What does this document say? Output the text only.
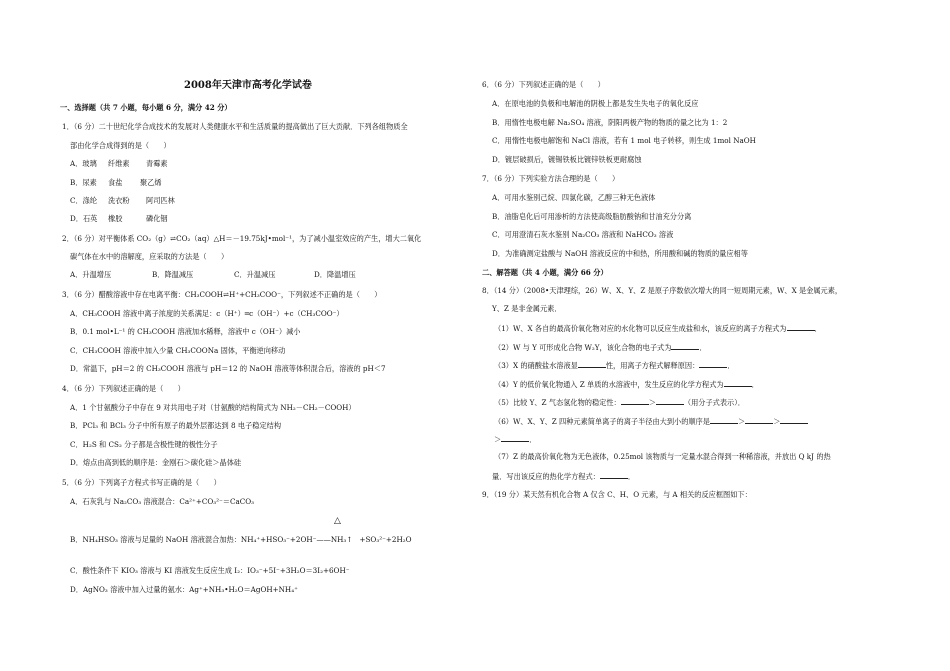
2008年天津市高考化学试卷
一、选择题（共 7 小题，每小题 6 分，满分 42 分）
1．（6 分）二十世纪化学合成技术的发展对人类健康水平和生活质量的提高做出了巨大贡献．下列各组物质全
部由化学合成得到的是（　　）
A．玻璃 纤维素 青霉素
B．尿素 食盐 聚乙烯
C．涤纶 洗衣粉 阿司匹林
D．石英 橡胶	磷化铟
2．（6 分）对平衡体系 CO₂（g）⇌CO₂（aq）△H＝－19.75kJ•mol⁻¹，为了减小温室效应的产生，增大二氧化
碳气体在水中的溶解度，应采取的方法是（　　）
A．升温增压	B．降温减压	C．升温减压	D．降温增压
3．（6 分）醋酸溶液中存在电离平衡：CH₃COOH⇌H⁺+CH₃COO⁻，下列叙述不正确的是（　　）
A．CH₃COOH 溶液中离子浓度的关系满足：c（H⁺）═c（OH⁻）+c（CH₃COO⁻）
B．0.1 mol•L⁻¹ 的 CH₃COOH 溶液加水稀释，溶液中 c（OH⁻）减小
C．CH₃COOH 溶液中加入少量 CH₃COONa 固体，平衡逆向移动
D．常温下，pH＝2 的 CH₃COOH 溶液与 pH＝12 的 NaOH 溶液等体积混合后，溶液的 pH＜7
4．（6 分）下列叙述正确的是（　　）
A．1 个甘氨酸分子中存在 9 对共用电子对（甘氨酸的结构简式为 NH₂－CH₂－COOH）
B．PCl₃ 和 BCl₃ 分子中所有原子的最外层都达到 8 电子稳定结构
C．H₂S 和 CS₂ 分子都是含极性键的极性分子
D．熔点由高到低的顺序是：金刚石＞碳化硅＞晶体硅
5．（6 分）下列离子方程式书写正确的是（　　）
A．石灰乳与 Na₂CO₃ 溶液混合：Ca²⁺+CO₃²⁻＝CaCO₃
△
B．NH₄HSO₃ 溶液与足量的 NaOH 溶液混合加热：NH₄⁺+HSO₃⁻+2OH⁻——NH₃↑　+SO₃²⁻+2H₂O
C．酸性条件下 KIO₃ 溶液与 KI 溶液发生反应生成 I₂：IO₃⁻+5I⁻+3H₂O＝3I₂+6OH⁻
D．AgNO₃ 溶液中加入过量的氨水：Ag⁺+NH₃•H₂O＝AgOH+NH₄⁺
6．（6 分）下列叙述正确的是（　　）
A．在原电池的负极和电解池的阴极上都是发生失电子的氧化反应
B．用惰性电极电解 Na₂SO₄ 溶液，阴阳两极产物的物质的量之比为 1：2
C．用惰性电极电解饱和 NaCl 溶液，若有 1 mol 电子转移，则生成 1mol NaOH
D．镀层破损后，镀锡铁板比镀锌铁板更耐腐蚀
7．（6 分）下列实验方法合理的是（　　）
A．可用水鉴别己烷、四氯化碳，乙醇三种无色液体
B．油脂皂化后可用渗析的方法使高级脂肪酸钠和甘油充分分离
C．可用澄清石灰水鉴别 Na₂CO₃ 溶液和 NaHCO₃ 溶液
D．为准确测定盐酸与 NaOH 溶液反应的中和热，所用酸和碱的物质的量应相等
二、解答题（共 4 小题，满分 66 分）
8．（14 分）（2008•天津理综，26）W、X、Y、Z 是原子序数依次增大的同一短周期元素，W、X 是金属元素，
Y、Z 是非金属元素．
（1）W、X 各自的最高价氧化物对应的水化物可以反应生成盐和水，该反应的离子方程式为	．
（2）W 与 Y 可形成化合物 W₂Y，该化合物的电子式为	．
（3）X 的硝酸盐水溶液显	性，用离子方程式解释原因：	．
（4）Y 的低价氧化物通入 Z 单质的水溶液中，发生反应的化学方程式为	．
（5）比较 Y、Z 气态氢化物的稳定性：	＞	（用分子式表示）．
（6）W、X、Y、Z 四种元素简单离子的离子半径由大到小的顺序是	＞	＞
＞	．
（7）Z 的最高价氧化物为无色液体，0.25mol 该物质与一定量水混合得到一种稀溶液，并放出 Q kJ 的热
量．写出该反应的热化学方程式：	．
9．（19 分）某天然有机化合物 A 仅含 C、H、O 元素，与 A 相关的反应框图如下：
